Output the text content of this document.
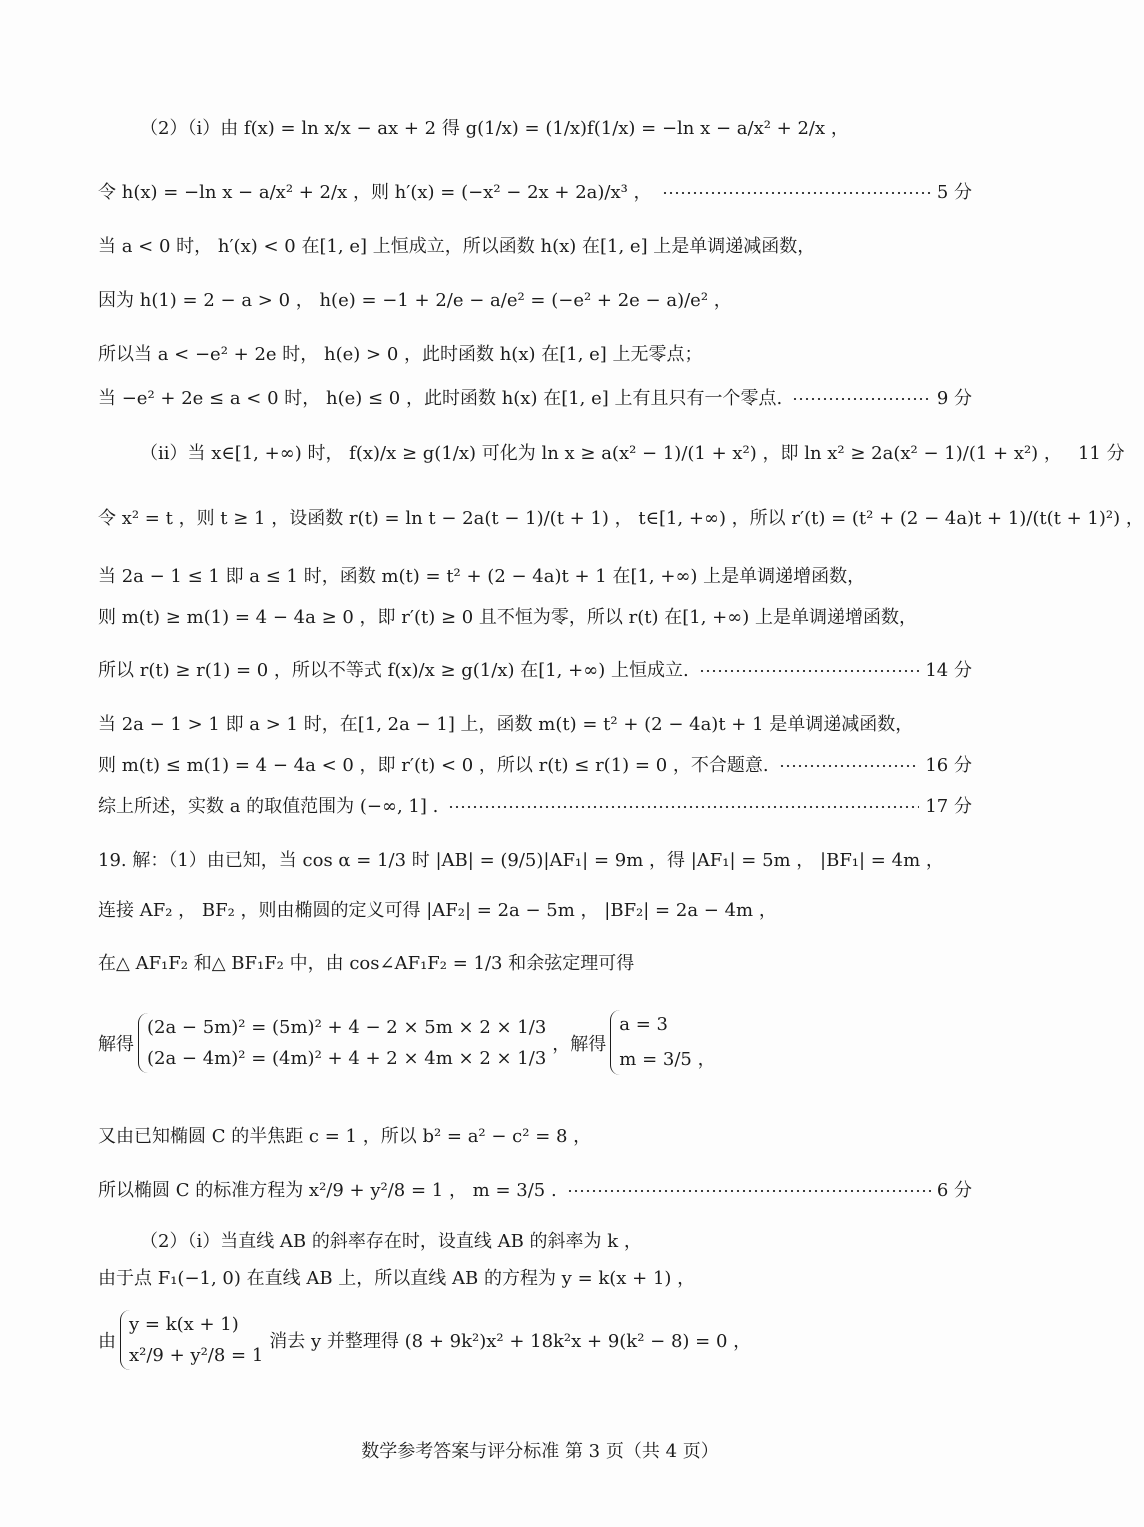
（2）（i）由 f(x) = ln x/x − ax + 2 得 g(1/x) = (1/x)f(1/x) = −ln x − a/x² + 2/x ，
令 h(x) = −ln x − a/x² + 2/x ，则 h′(x) = (−x² − 2x + 2a)/x³ ，	5 分
当 a < 0 时， h′(x) < 0 在[1, e] 上恒成立，所以函数 h(x) 在[1, e] 上是单调递减函数，
因为 h(1) = 2 − a > 0 ， h(e) = −1 + 2/e − a/e² = (−e² + 2e − a)/e² ，
所以当 a < −e² + 2e 时， h(e) > 0 ，此时函数 h(x) 在[1, e] 上无零点；
当 −e² + 2e ≤ a < 0 时， h(e) ≤ 0 ，此时函数 h(x) 在[1, e] 上有且只有一个零点.	9 分
（ii）当 x∈[1, +∞) 时， f(x)/x ≥ g(1/x) 可化为 ln x ≥ a(x² − 1)/(1 + x²) ，即 ln x² ≥ 2a(x² − 1)/(1 + x²) ， 11 分
令 x² = t ，则 t ≥ 1 ，设函数 r(t) = ln t − 2a(t − 1)/(t + 1) ， t∈[1, +∞) ，所以 r′(t) = (t² + (2 − 4a)t + 1)/(t(t + 1)²) ，
当 2a − 1 ≤ 1 即 a ≤ 1 时，函数 m(t) = t² + (2 − 4a)t + 1 在[1, +∞) 上是单调递增函数，
则 m(t) ≥ m(1) = 4 − 4a ≥ 0 ，即 r′(t) ≥ 0 且不恒为零，所以 r(t) 在[1, +∞) 上是单调递增函数，
所以 r(t) ≥ r(1) = 0 ，所以不等式 f(x)/x ≥ g(1/x) 在[1, +∞) 上恒成立.	14 分
当 2a − 1 > 1 即 a > 1 时，在[1, 2a − 1] 上，函数 m(t) = t² + (2 − 4a)t + 1 是单调递减函数，
则 m(t) ≤ m(1) = 4 − 4a < 0 ，即 r′(t) < 0 ，所以 r(t) ≤ r(1) = 0 ，不合题意.	16 分
综上所述，实数 a 的取值范围为 (−∞, 1] .	17 分
19. 解：（1）由已知，当 cos α = 1/3 时 |AB| = (9/5)|AF₁| = 9m ，得 |AF₁| = 5m ， |BF₁| = 4m ，
连接 AF₂ ， BF₂ ，则由椭圆的定义可得 |AF₂| = 2a − 5m ， |BF₂| = 2a − 4m ，
在△ AF₁F₂ 和△ BF₁F₂ 中，由 cos∠AF₁F₂ = 1/3 和余弦定理可得
解得
(2a − 5m)² = (5m)² + 4 − 2 × 5m × 2 × 1/3
(2a − 4m)² = (4m)² + 4 + 2 × 4m × 2 × 1/3
，解得
a = 3
m = 3/5 ，
又由已知椭圆 C 的半焦距 c = 1 ，所以 b² = a² − c² = 8 ，
所以椭圆 C 的标准方程为 x²/9 + y²/8 = 1 ， m = 3/5 .	6 分
（2）（ⅰ）当直线 AB 的斜率存在时，设直线 AB 的斜率为 k ，
由于点 F₁(−1, 0) 在直线 AB 上，所以直线 AB 的方程为 y = k(x + 1) ，
由
y = k(x + 1)
x²/9 + y²/8 = 1
消去 y 并整理得 (8 + 9k²)x² + 18k²x + 9(k² − 8) = 0 ，
数学参考答案与评分标准 第 3 页（共 4 页）
